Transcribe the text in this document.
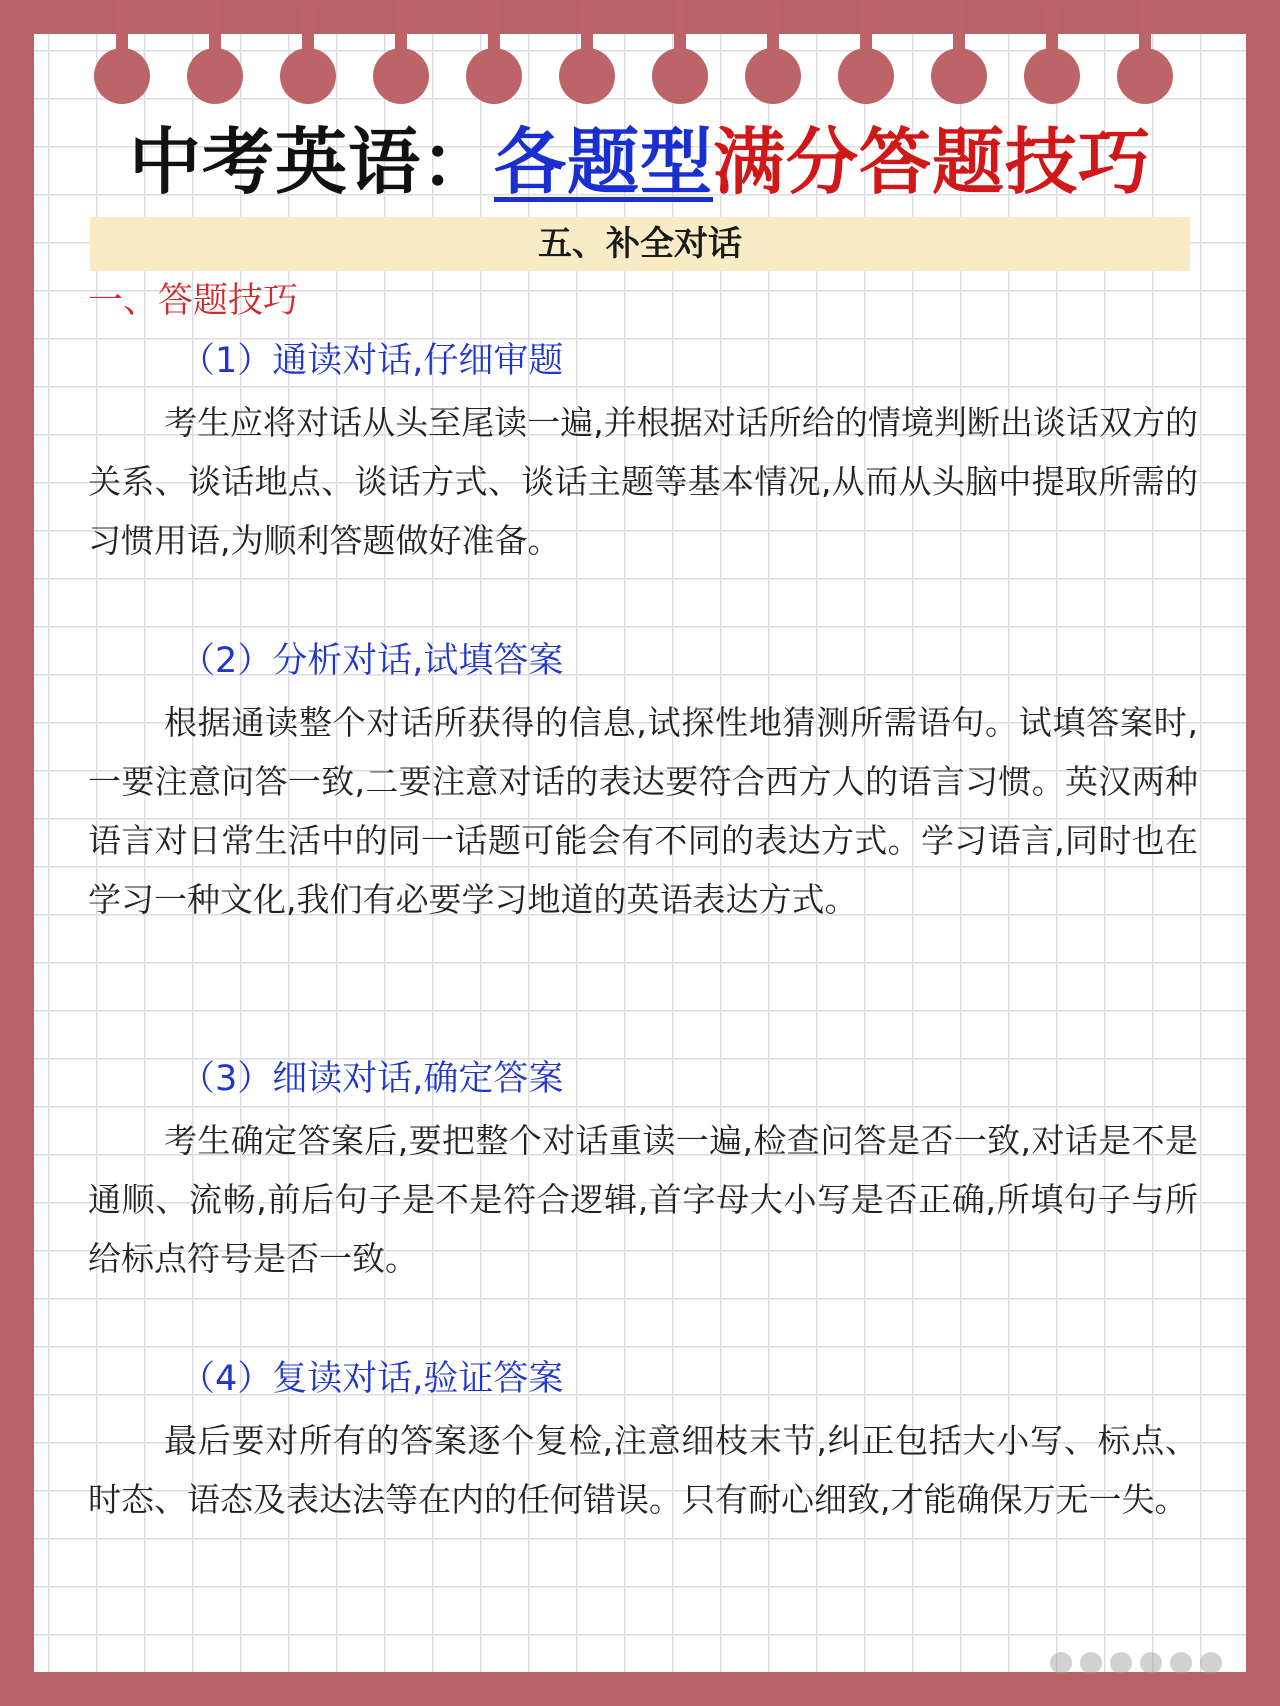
中考英语：各题型满分答题技巧
五、补全对话
一、答题技巧
（1）通读对话,仔细审题

考生应将对话从头至尾读一遍,并根据对话所给的情境判断出谈话双方的关系、谈话地点、谈话方式、谈话主题等基本情况,从而从头脑中提取所需的习惯用语,为顺利答题做好准备。

（2）分析对话,试填答案

根据通读整个对话所获得的信息,试探性地猜测所需语句。试填答案时,一要注意问答一致,二要注意对话的表达要符合西方人的语言习惯。英汉两种语言对日常生活中的同一话题可能会有不同的表达方式。学习语言,同时也在学习一种文化,我们有必要学习地道的英语表达方式。

（3）细读对话,确定答案

考生确定答案后,要把整个对话重读一遍,检查问答是否一致,对话是不是通顺、流畅,前后句子是不是符合逻辑,首字母大小写是否正确,所填句子与所给标点符号是否一致。

（4）复读对话,验证答案

最后要对所有的答案逐个复检,注意细枝末节,纠正包括大小写、标点、时态、语态及表达法等在内的任何错误。只有耐心细致,才能确保万无一失。
